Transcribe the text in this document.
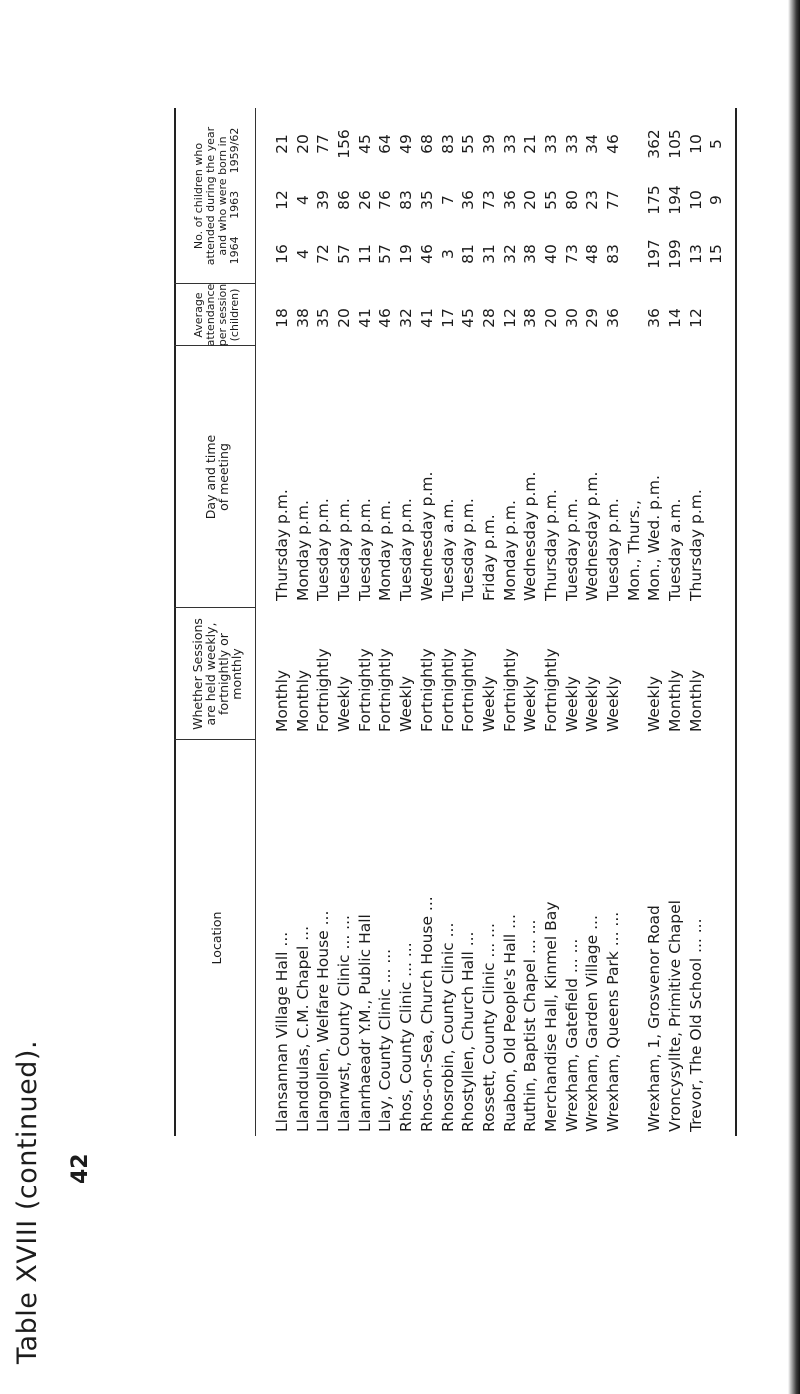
Table XVIII (continued). 42
Location
Whether Sessions
are held weekly,
fortnightly or
monthly
Day and time
of meeting
Average attendance per session (children)
No. of children who attended during the year and who were born in 1964     1963     1959/62
Llansannan Village Hall ...
Monthly
Thursday p.m.
18
16
12
21
Llanddulas, C.M. Chapel ...
Monthly
Monday p.m.
38
4
4
20
Llangollen, Welfare House ...
Fortnightly
Tuesday p.m.
35
72
39
77
Llanrwst, County Clinic ... ...
Weekly
Tuesday p.m.
20
57
86
156
Llanrhaeadr Y.M., Public Hall
Fortnightly
Tuesday p.m.
41
11
26
45
Llay, County Clinic ... ...
Fortnightly
Monday p.m.
46
57
76
64
Rhos, County Clinic ... ...
Weekly
Tuesday p.m.
32
19
83
49
Rhos-on-Sea, Church House ...
Fortnightly
Wednesday p.m.
41
46
35
68
Rhosrobin, County Clinic ...
Fortnightly
Tuesday a.m.
17
3
7
83
Rhostyllen, Church Hall ...
Fortnightly
Tuesday p.m.
45
81
36
55
Rossett, County Clinic ... ...
Weekly
Friday p.m.
28
31
73
39
Ruabon, Old People's Hall ...
Fortnightly
Monday p.m.
12
32
36
33
Ruthin, Baptist Chapel ... ...
Weekly
Wednesday p.m.
38
38
20
21
Merchandise Hall, Kinmel Bay
Fortnightly
Thursday p.m.
20
40
55
33
Wrexham, Gatefield ... ...
Weekly
Tuesday p.m.
30
73
80
33
Wrexham, Garden Village ...
Weekly
Wednesday p.m.
29
48
23
34
Wrexham, Queens Park ... ...
Weekly
Tuesday p.m.
36
83
77
46
Mon., Thurs.,
Wrexham, 1, Grosvenor Road
Weekly
Mon., Wed. p.m.
36
197
175
362
Vroncysyllte, Primitive Chapel
Monthly
Tuesday a.m.
14
199
194
105
Trevor, The Old School ... ...
Monthly
Thursday p.m.
12
13
10
10
15
9
5
